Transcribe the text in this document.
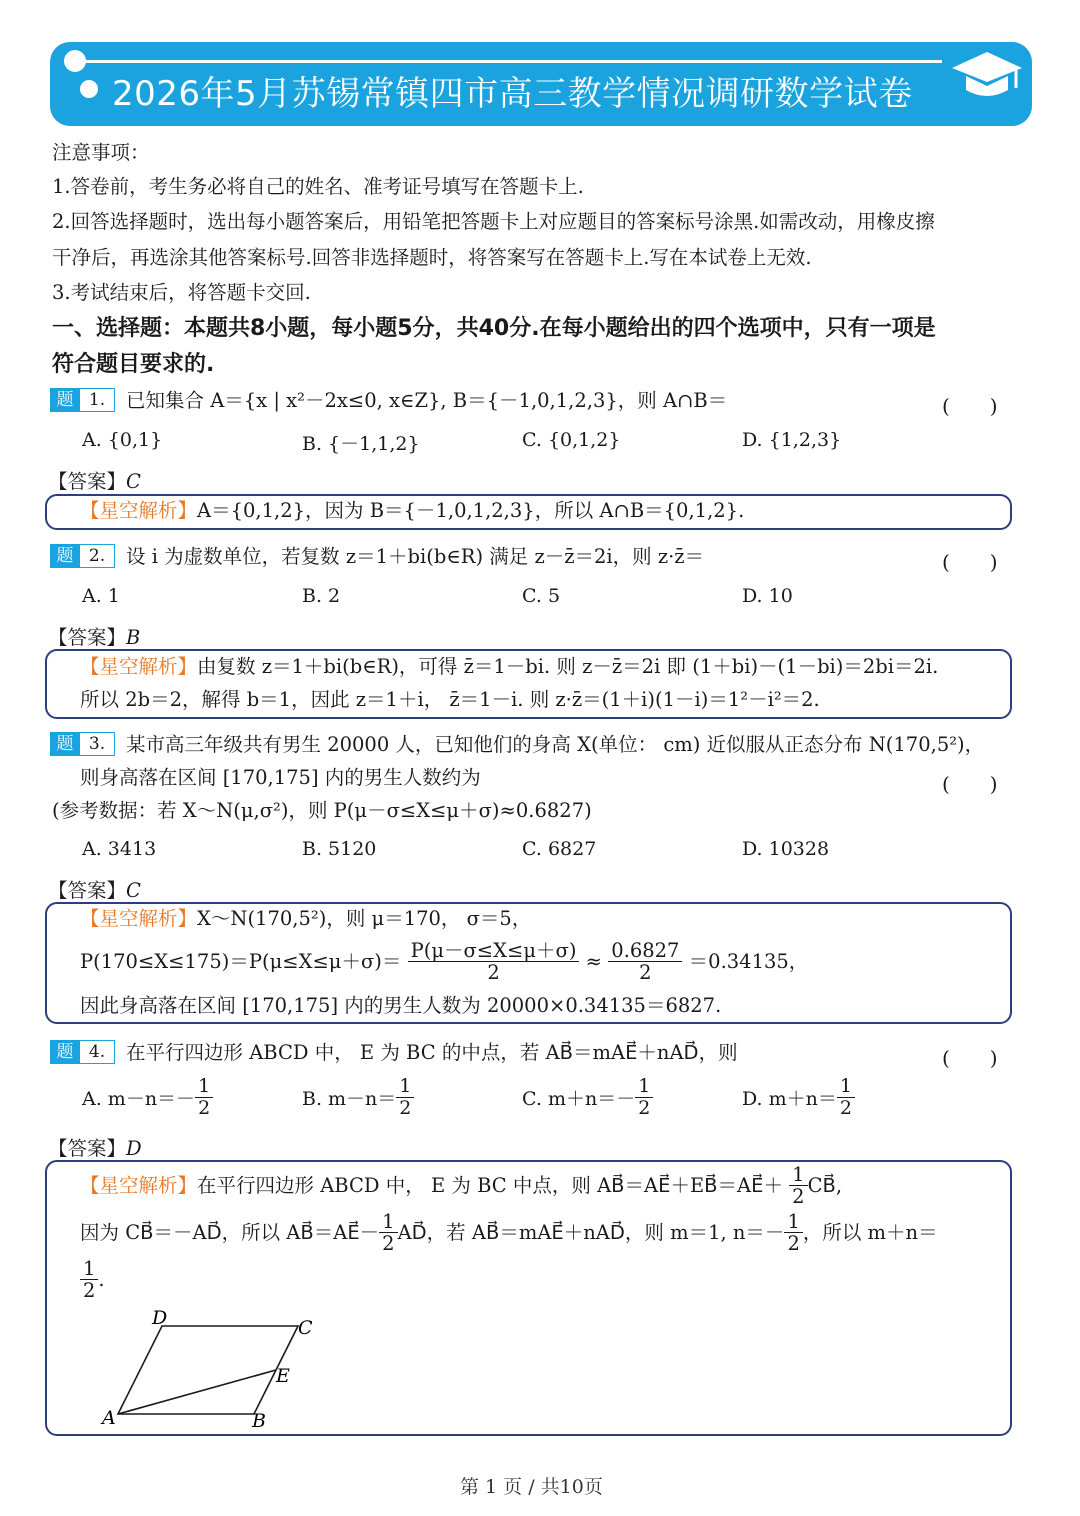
2026年5月苏锡常镇四市高三教学情况调研数学试卷
注意事项：
1.答卷前，考生务必将自己的姓名、准考证号填写在答题卡上.
2.回答选择题时，选出每小题答案后，用铅笔把答题卡上对应题目的答案标号涂黑.如需改动，用橡皮擦
干净后，再选涂其他答案标号.回答非选择题时，将答案写在答题卡上.写在本试卷上无效.
3.考试结束后，将答题卡交回.
一、选择题：本题共8小题，每小题5分，共40分.在每小题给出的四个选项中，只有一项是
符合题目要求的.
题 1.	已知集合 A＝{x | x²－2x≤0, x∈Z}, B＝{－1,0,1,2,3}，则 A∩B＝	(　　)
A. {0,1}	B. {－1,1,2}	C. {0,1,2}	D. {1,2,3}
【答案】C
【星空解析】A＝{0,1,2}，因为 B＝{－1,0,1,2,3}，所以 A∩B＝{0,1,2}.
题 2.	设 i 为虚数单位，若复数 z＝1＋bi(b∈R) 满足 z－z̄＝2i，则 z·z̄＝	(　　)
A. 1	B. 2	C. 5	D. 10
【答案】B
【星空解析】由复数 z＝1＋bi(b∈R)，可得 z̄＝1－bi. 则 z－z̄＝2i 即 (1＋bi)－(1－bi)＝2bi＝2i.
所以 2b＝2，解得 b＝1，因此 z＝1＋i， z̄＝1－i. 则 z·z̄＝(1＋i)(1－i)＝1²－i²＝2.
题 3.	某市高三年级共有男生 20000 人，已知他们的身高 X(单位： cm) 近似服从正态分布 N(170,5²)，
则身高落在区间 [170,175] 内的男生人数约为	(　　)
(参考数据：若 X～N(μ,σ²)，则 P(μ－σ≤X≤μ＋σ)≈0.6827)
A. 3413	B. 5120	C. 6827	D. 10328
【答案】C
【星空解析】X～N(170,5²)，则 μ＝170， σ＝5，
$P(170\le X\le 175)=P(\mu\le X\le\mu+\sigma)= \frac{P(\mu-\sigma\le X\le\mu+\sigma)}{2} \approx \frac{0.6827}{2} =0.34135$，
因此身高落在区间 [170,175] 内的男生人数为 20000×0.34135＝6827.
题 4.	在平行四边形 ABCD 中， E 为 BC 的中点，若 AB⃗＝mAE⃗＋nAD⃗，则	(　　)
A. $m-n=- \frac{1}{2}$	B. $m-n= \frac{1}{2}$	C. $m+n=- \frac{1}{2}$	D. $m+n= \frac{1}{2}$
【答案】D
【星空解析】在平行四边形 ABCD 中， E 为 BC 中点，则 AB⃗＝AE⃗＋EB⃗＝AE⃗＋ $\frac{1}{2}$ CB⃗,
因为 CB⃗＝－AD⃗，所以 AB⃗＝AE⃗－ $\frac{1}{2}$ AD⃗，若 AB⃗＝mAE⃗＋nAD⃗，则 m＝1, $n=- \frac{1}{2}$ ，所以 m＋n＝
$\frac{1}{2}$ .
A	B
C
D
E
第 1 页 / 共10页
